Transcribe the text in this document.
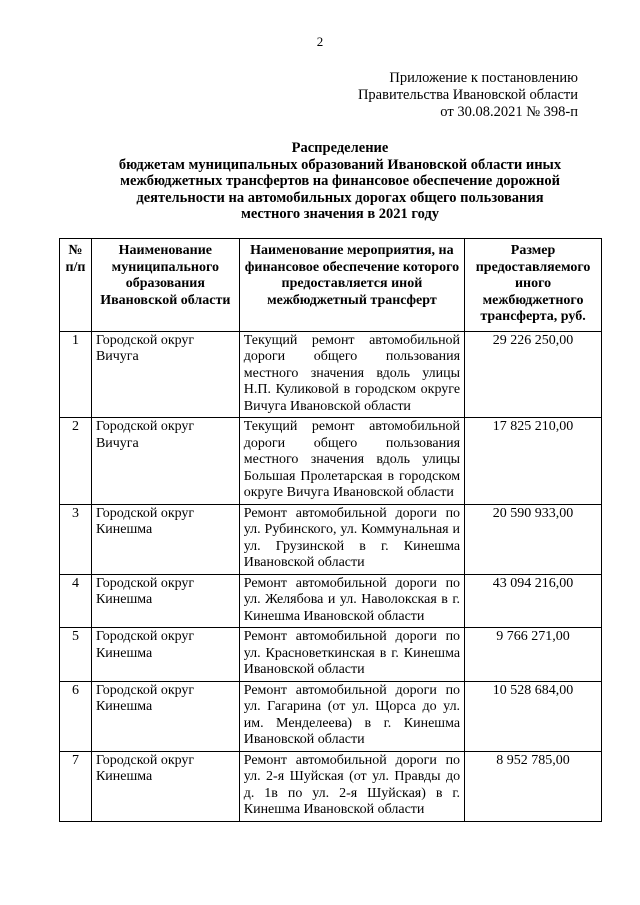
2
Приложение к постановлению
Правительства Ивановской области
от 30.08.2021 № 398-п
Распределение
бюджетам муниципальных образований Ивановской области иных
межбюджетных трансфертов на финансовое обеспечение дорожной
деятельности на автомобильных дорогах общего пользования
местного значения в 2021 году
№ п/п	Наименование муниципального образования Ивановской области	Наименование мероприятия, на финансовое обеспечение которого предоставляется иной межбюджетный трансферт	Размер предоставляемого иного межбюджетного трансферта, руб.
1	Городской округ Вичуга	Текущий ремонт автомобильной дороги общего пользования местного значения вдоль улицы Н.П. Куликовой в городском округе Вичуга Ивановской области	29 226 250,00
2	Городской округ Вичуга	Текущий ремонт автомобильной дороги общего пользования местного значения вдоль улицы Большая Пролетарская в городском округе Вичуга Ивановской области	17 825 210,00
3	Городской округ Кинешма	Ремонт автомобильной дороги по ул. Рубинского, ул. Коммунальная и ул. Грузинской в г. Кинешма Ивановской области	20 590 933,00
4	Городской округ Кинешма	Ремонт автомобильной дороги по ул. Желябова и ул. Наволокская в г. Кинешма Ивановской области	43 094 216,00
5	Городской округ Кинешма	Ремонт автомобильной дороги по ул. Красноветкинская в г. Кинешма Ивановской области	9 766 271,00
6	Городской округ Кинешма	Ремонт автомобильной дороги по ул. Гагарина (от ул. Щорса до ул. им. Менделеева) в г. Кинешма Ивановской области	10 528 684,00
7	Городской округ Кинешма	Ремонт автомобильной дороги по ул. 2-я Шуйская (от ул. Правды до д. 1в по ул. 2-я Шуйская) в г. Кинешма Ивановской области	8 952 785,00
